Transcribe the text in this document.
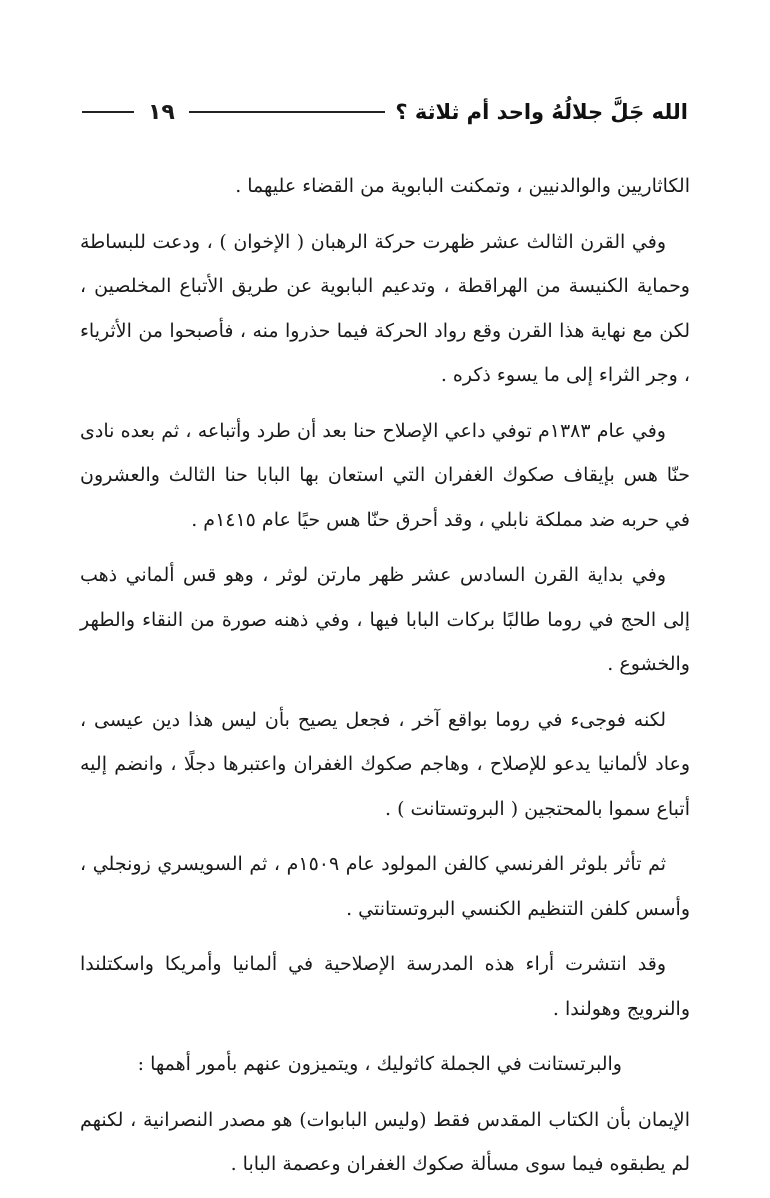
الله جَلَّ جلالُهُ واحد أم ثلاثة ؟
١٩

الكاثاريين والوالدنيين ، وتمكنت البابوية من القضاء عليهما .

وفي القرن الثالث عشر ظهرت حركة الرهبان ( الإخوان ) ، ودعت للبساطة وحماية الكنيسة من الهراقطة ، وتدعيم البابوية عن طريق الأتباع المخلصين ، لكن مع نهاية هذا القرن وقع رواد الحركة فيما حذروا منه ، فأصبحوا من الأثرياء ، وجر الثراء إلى ما يسوء ذكره .

وفي عام ١٣٨٣م توفي داعي الإصلاح حنا بعد أن طرد وأتباعه ، ثم بعده نادى حنّا هس بإيقاف صكوك الغفران التي استعان بها البابا حنا الثالث والعشرون في حربه ضد مملكة نابلي ، وقد أحرق حنّا هس حيًا عام ١٤١٥م .

وفي بداية القرن السادس عشر ظهر مارتن لوثر ، وهو قس ألماني ذهب إلى الحج في روما طالبًا بركات البابا فيها ، وفي ذهنه صورة من النقاء والطهر والخشوع .

لكنه فوجىء في روما بواقع آخر ، فجعل يصيح بأن ليس هذا دين عيسى ، وعاد لألمانيا يدعو للإصلاح ، وهاجم صكوك الغفران واعتبرها دجلًا ، وانضم إليه أتباع سموا بالمحتجين ( البروتستانت ) .

ثم تأثر بلوثر الفرنسي كالفن المولود عام ١٥٠٩م ، ثم السويسري زونجلي ، وأسس كلفن التنظيم الكنسي البروتستانتي .

وقد انتشرت أراء هذه المدرسة الإصلاحية في ألمانيا وأمريكا واسكتلندا والنرويج وهولندا .

والبرتستانت في الجملة كاثوليك ، ويتميزون عنهم بأمور أهمها :

الإيمان بأن الكتاب المقدس فقط (وليس البابوات) هو مصدر النصرانية ، لكنهم لم يطبقوه فيما سوى مسألة صكوك الغفران وعصمة البابا .
